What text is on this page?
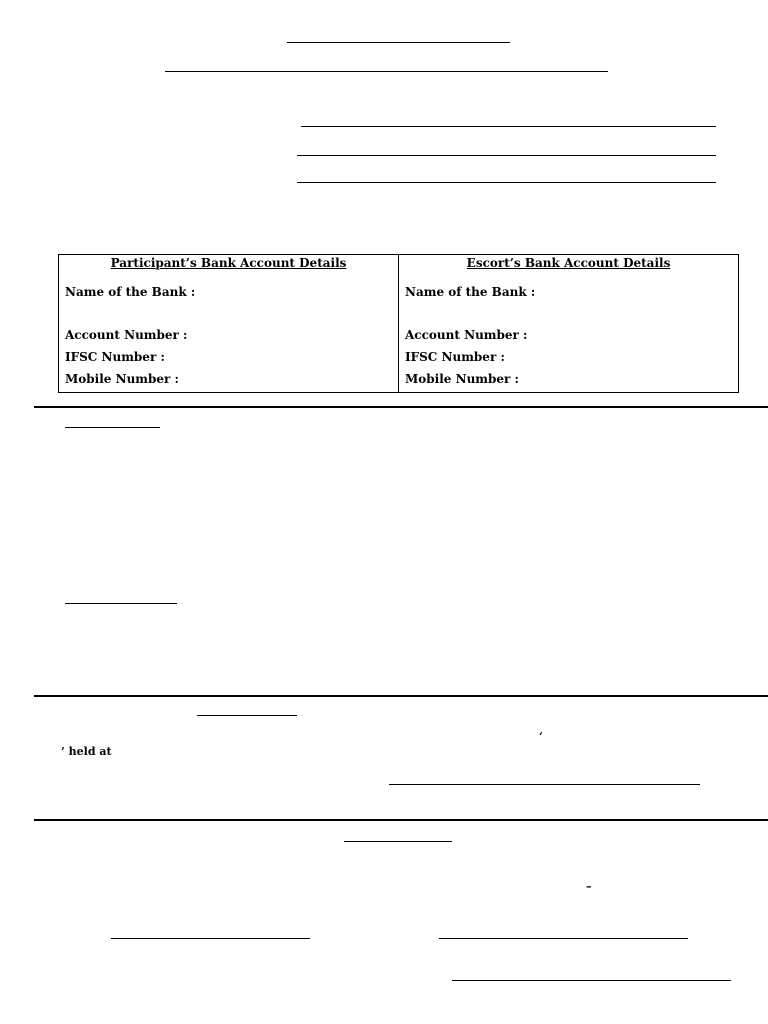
Participant’s Bank Account Details
Name of the Bank :
Account Number :
IFSC Number :
Mobile Number :
Escort’s Bank Account Details
Name of the Bank :
Account Number :
IFSC Number :
Mobile Number :
‘
’ held at
–
